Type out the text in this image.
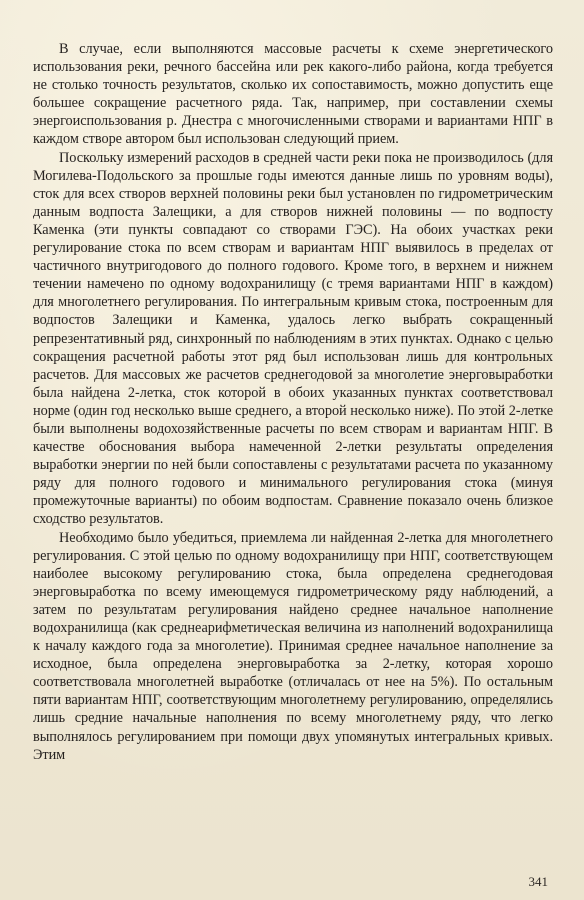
В случае, если выполняются массовые расчеты к схеме энергетического использования реки, речного бассейна или рек какого-либо района, когда требуется не столько точность результатов, сколько их сопоставимость, можно допустить еще большее сокращение расчетного ряда. Так, например, при составлении схемы энергоиспользования р. Днестра с многочисленными створами и вариантами НПГ в каждом створе автором был использован следующий прием.

Поскольку измерений расходов в средней части реки пока не производилось (для Могилева-Подольского за прошлые годы имеются данные лишь по уровням воды), сток для всех створов верхней половины реки был установлен по гидрометрическим данным водпоста Залещики, а для створов нижней половины — по водпосту Каменка (эти пункты совпадают со створами ГЭС). На обоих участках реки регулирование стока по всем створам и вариантам НПГ выявилось в пределах от частичного внутригодового до полного годового. Кроме того, в верхнем и нижнем течении намечено по одному водохранилищу (с тремя вариантами НПГ в каждом) для многолетнего регулирования. По интегральным кривым стока, построенным для водпостов Залещики и Каменка, удалось легко выбрать сокращенный репрезентативный ряд, синхронный по наблюдениям в этих пунктах. Однако с целью сокращения расчетной работы этот ряд был использован лишь для контрольных расчетов. Для массовых же расчетов среднегодовой за многолетие энерговыработки была найдена 2-летка, сток которой в обоих указанных пунктах соответствовал норме (один год несколько выше среднего, а второй несколько ниже). По этой 2-летке были выполнены водохозяйственные расчеты по всем створам и вариантам НПГ. В качестве обоснования выбора намеченной 2-летки результаты определения выработки энергии по ней были сопоставлены с результатами расчета по указанному ряду для полного годового и минимального регулирования стока (минуя промежуточные варианты) по обоим водпостам. Сравнение показало очень близкое сходство результатов.

Необходимо было убедиться, приемлема ли найденная 2-летка для многолетнего регулирования. С этой целью по одному водохранилищу при НПГ, соответствующем наиболее высокому регулированию стока, была определена среднегодовая энерговыработка по всему имеющемуся гидрометрическому ряду наблюдений, а затем по результатам регулирования найдено среднее начальное наполнение водохранилища (как среднеарифметическая величина из наполнений водохранилища к началу каждого года за многолетие). Принимая среднее начальное наполнение за исходное, была определена энерговыработка за 2-летку, которая хорошо соответствовала многолетней выработке (отличалась от нее на 5%). По остальным пяти вариантам НПГ, соответствующим многолетнему регулированию, определялись лишь средние начальные наполнения по всему многолетнему ряду, что легко выполнялось регулированием при помощи двух упомянутых интегральных кривых. Этим

341
